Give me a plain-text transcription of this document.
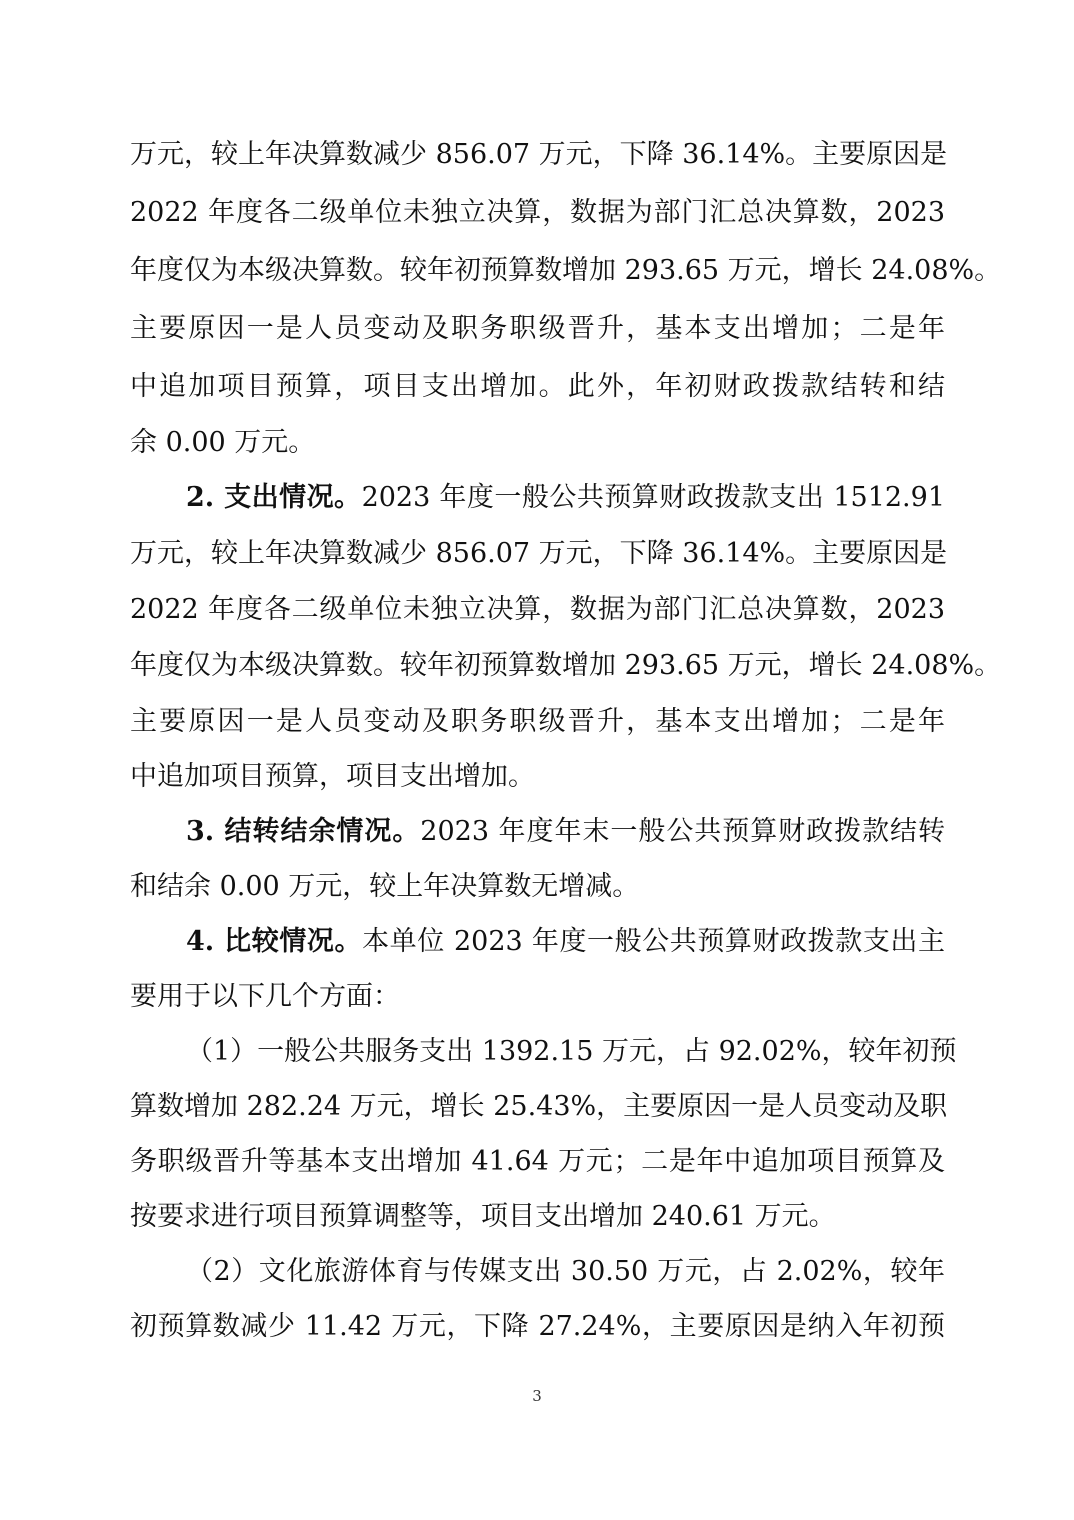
万元，较上年决算数减少 856.07 万元，下降 36.14%。主要原因是
2022 年度各二级单位未独立决算，数据为部门汇总决算数，2023
年度仅为本级决算数。较年初预算数增加 293.65 万元，增长 24.08%。
主要原因一是人员变动及职务职级晋升，基本支出增加；二是年
中追加项目预算，项目支出增加。此外，年初财政拨款结转和结
余 0.00 万元。
2. 支出情况。2023 年度一般公共预算财政拨款支出 1512.91
万元，较上年决算数减少 856.07 万元，下降 36.14%。主要原因是
2022 年度各二级单位未独立决算，数据为部门汇总决算数，2023
年度仅为本级决算数。较年初预算数增加 293.65 万元，增长 24.08%。
主要原因一是人员变动及职务职级晋升，基本支出增加；二是年
中追加项目预算，项目支出增加。
3. 结转结余情况。2023 年度年末一般公共预算财政拨款结转
和结余 0.00 万元，较上年决算数无增减。
4. 比较情况。本单位 2023 年度一般公共预算财政拨款支出主
要用于以下几个方面：
（1）一般公共服务支出 1392.15 万元，占 92.02%，较年初预
算数增加 282.24 万元，增长 25.43%，主要原因一是人员变动及职
务职级晋升等基本支出增加 41.64 万元；二是年中追加项目预算及
按要求进行项目预算调整等，项目支出增加 240.61 万元。
（2）文化旅游体育与传媒支出 30.50 万元，占 2.02%，较年
初预算数减少 11.42 万元，下降 27.24%，主要原因是纳入年初预
3
